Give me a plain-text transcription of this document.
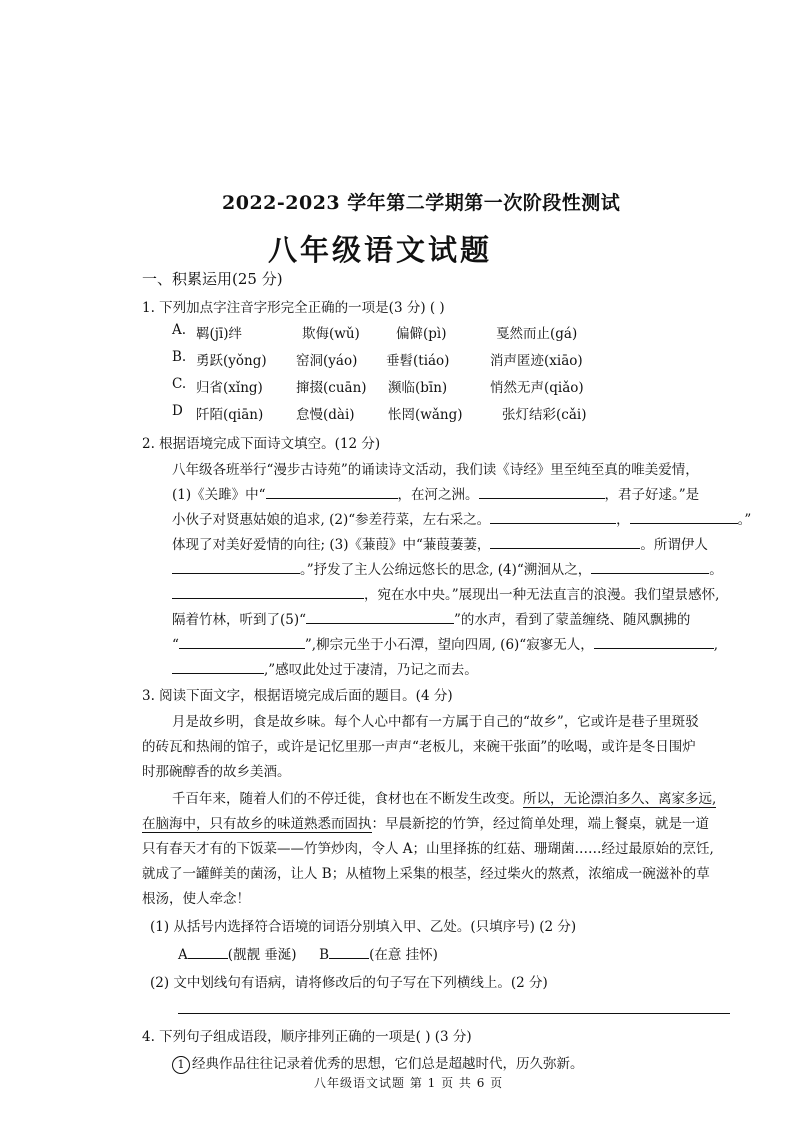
2022-2023 学年第二学期第一次阶段性测试
八年级语文试题
一、积累运用(25 分)
1. 下列加点字注音字形完全正确的一项是(3 分) ( )
A. 羁(jī)绊	欺侮(wǔ)	偏僻(pì)	戛然而止(gá)
B. 勇跃(yǒng) 窑洞(yáo) 垂髫(tiáo)	消声匿迹(xiāo)
C. 归省(xǐng) 撺掇(cuān) 濒临(bīn)	悄然无声(qiǎo)
D 阡陌(qiān) 怠慢(dài) 怅罔(wǎng)	张灯结彩(cǎi)
2. 根据语境完成下面诗文填空。(12 分)
八年级各班举行“漫步古诗苑”的诵读诗文活动，我们读《诗经》里至纯至真的唯美爱情，
(1)《关雎》中“	，在河之洲。	，君子好逑。”是
小伙子对贤惠姑娘的追求, (2)“参差荇菜，左右采之。	，	。”
体现了对美好爱情的向往; (3)《蒹葭》中“蒹葭萋萋，	。所谓伊人
。”抒发了主人公绵远悠长的思念, (4)“溯洄从之，	。
，宛在水中央。”展现出一种无法直言的浪漫。我们望景感怀,
隔着竹林，听到了(5)“	”的水声，看到了蒙盖缠绕、随风飘拂的
“	”,柳宗元坐于小石潭，望向四周, (6)“寂寥无人，	,
,”感叹此处过于凄清，乃记之而去。
3. 阅读下面文字，根据语境完成后面的题目。(4 分)
月是故乡明，食是故乡味。每个人心中都有一方属于自己的“故乡”，它或许是巷子里斑驳
的砖瓦和热闹的馆子，或许是记忆里那一声声“老板儿，来碗干张面”的吆喝，或许是冬日围炉
时那碗醇香的故乡美酒。
千百年来，随着人们的不停迁徙，食材也在不断发生改变。所以，无论漂泊多久、离家多远,
在脑海中，只有故乡的味道熟悉而固执：早晨新挖的竹笋，经过简单处理，端上餐桌，就是一道
只有春天才有的下饭菜——竹笋炒肉，令人 A；山里择拣的红菇、珊瑚菌……经过最原始的烹饪,
就成了一罐鲜美的菌汤，让人 B；从植物上采集的根茎，经过柴火的熬煮，浓缩成一碗滋补的草
根汤，使人牵念！
(1) 从括号内选择符合语境的词语分别填入甲、乙处。(只填序号) (2 分)
A	(靓靓 垂涎) B	(在意 挂怀)
(2) 文中划线句有语病，请将修改后的句子写在下列横线上。(2 分)
4. 下列句子组成语段，顺序排列正确的一项是( ) (3 分)
1 经典作品往往记录着优秀的思想，它们总是超越时代，历久弥新。
八年级语文试题 第 1 页 共 6 页
